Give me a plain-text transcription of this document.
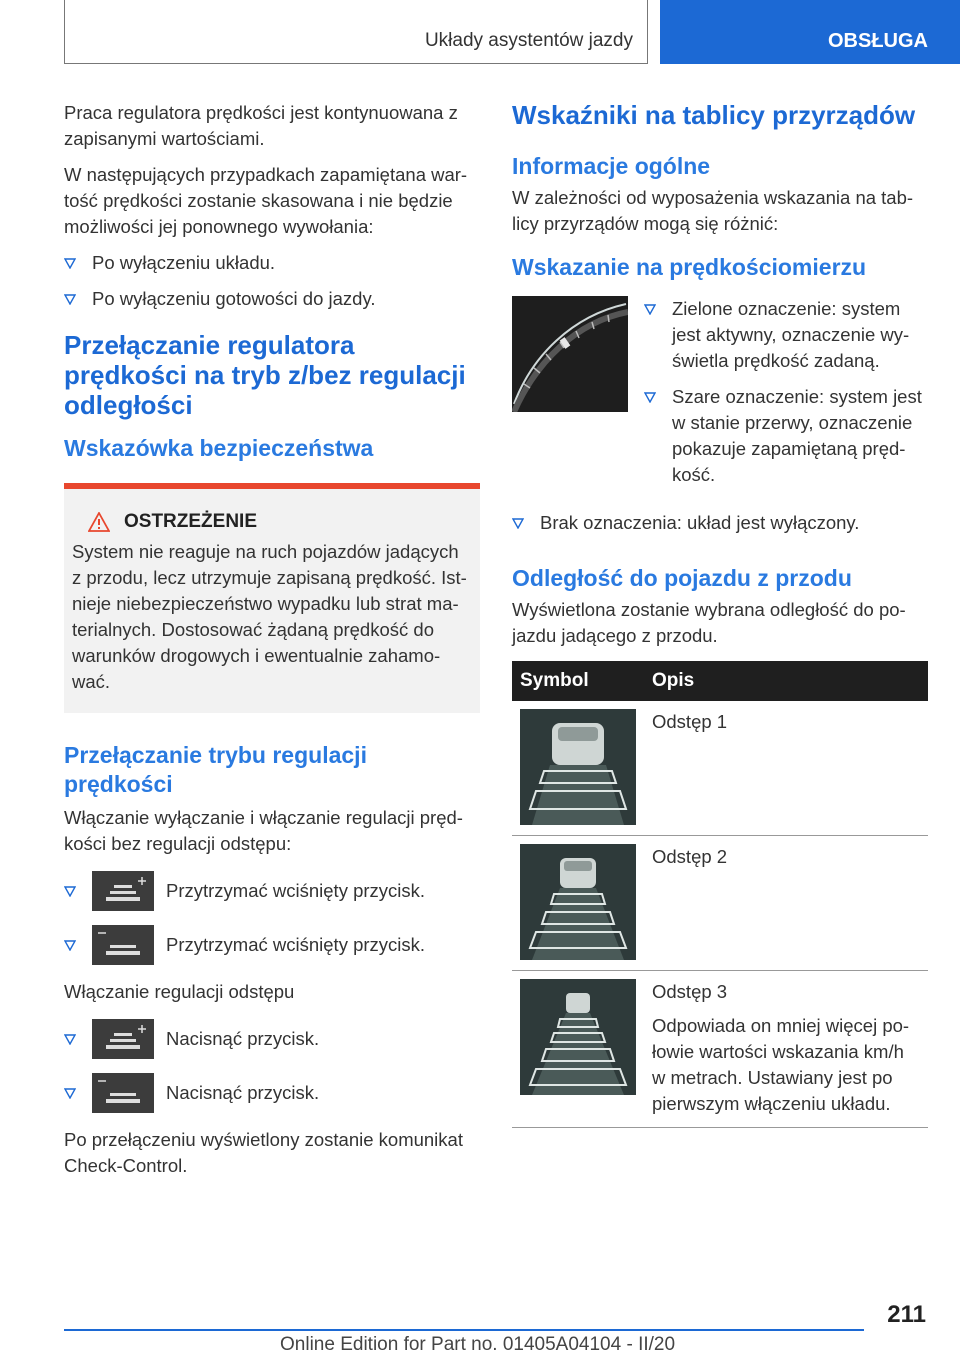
Układy asystentów jazdy	OBSŁUGA

Praca regulatora prędkości jest kontynuowana z zapisanymi wartościami.

W następujących przypadkach zapamiętana war-tość prędkości zostanie skasowana i nie będzie możliwości jej ponownego wywołania:

Po wyłączeniu układu.
Po wyłączeniu gotowości do jazdy.
Przełączanie regulatora prędkości na tryb z/bez regulacji odległości
Wskazówka bezpieczeństwa
OSTRZEŻENIE

System nie reaguje na ruch pojazdów jadących z przodu, lecz utrzymuje zapisaną prędkość. Ist-nieje niebezpieczeństwo wypadku lub strat ma-terialnych. Dostosować żądaną prędkość do warunków drogowych i ewentualnie zahamo-wać.

Przełączanie trybu regulacji prędkości

Włączanie wyłączanie i włączanie regulacji pręd-kości bez regulacji odstępu:

Przytrzymać wciśnięty przycisk.
Przytrzymać wciśnięty przycisk.

Włączanie regulacji odstępu

Nacisnąć przycisk.
Nacisnąć przycisk.

Po przełączeniu wyświetlony zostanie komunikat Check-Control.

Wskaźniki na tablicy przyrządów
Informacje ogólne

W zależności od wyposażenia wskazania na tab-licy przyrządów mogą się różnić:

Wskazanie na prędkościomierzu
Zielone oznaczenie: system jest aktywny, oznaczenie wy-świetla prędkość zadaną.
Szare oznaczenie: system jest w stanie przerwy, oznaczenie pokazuje zapamiętaną pręd-kość.
Brak oznaczenia: układ jest wyłączony.
Odległość do pojazdu z przodu

Wyświetlona zostanie wybrana odległość do po-jazdu jadącego z przodu.

Symbol	Opis

	Odstęp 1

	Odstęp 2

Odstęp 3
Odpowiada on mniej więcej po-łowie wartości wskazania km/h w metrach. Ustawiany jest po pierwszym włączeniu układu.
211
Online Edition for Part no. 01405A04104 - II/20
